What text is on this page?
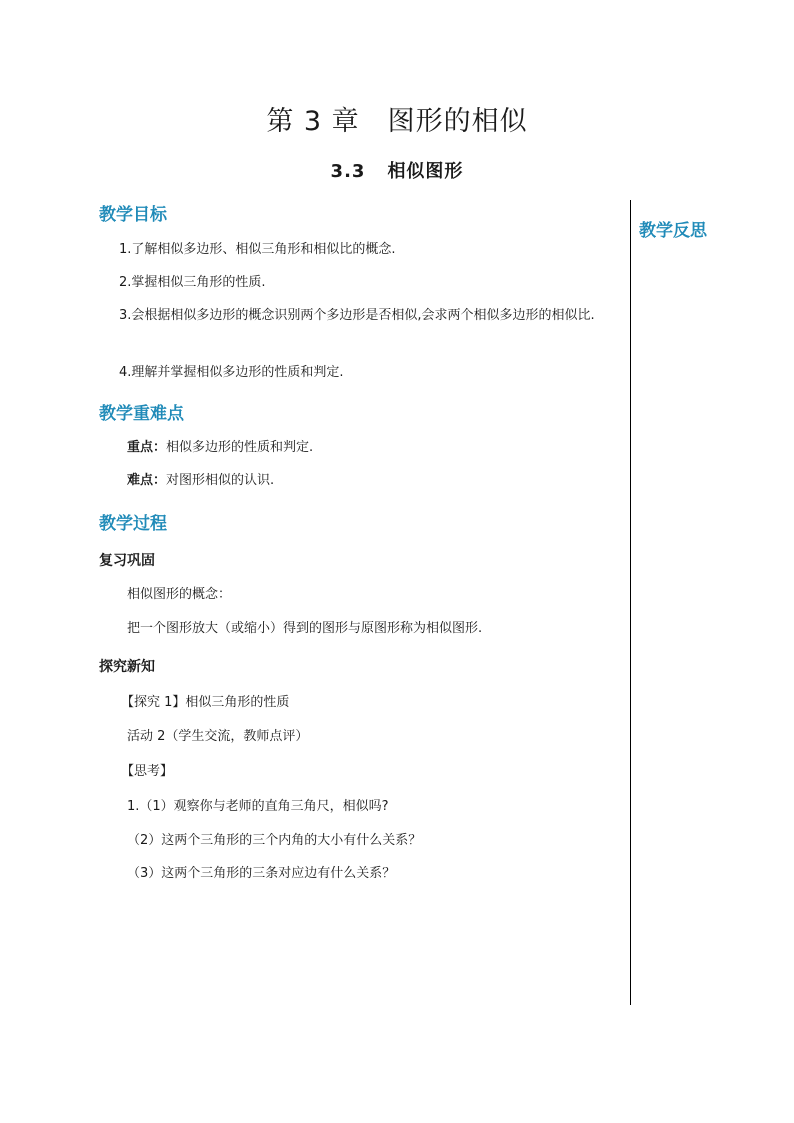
第 3 章 图形的相似
3.3 相似图形
教学反思
教学目标
1.了解相似多边形、相似三角形和相似比的概念.
2.掌握相似三角形的性质.
3.会根据相似多边形的概念识别两个多边形是否相似,会求两个相似多边形的相似比.
4.理解并掌握相似多边形的性质和判定.
教学重难点
重点：相似多边形的性质和判定.
难点：对图形相似的认识.
教学过程
复习巩固
相似图形的概念：
把一个图形放大（或缩小）得到的图形与原图形称为相似图形.
探究新知
【探究 1】相似三角形的性质
活动 2（学生交流，教师点评）
【思考】
1.（1）观察你与老师的直角三角尺，相似吗?
（2）这两个三角形的三个内角的大小有什么关系？
（3）这两个三角形的三条对应边有什么关系？
